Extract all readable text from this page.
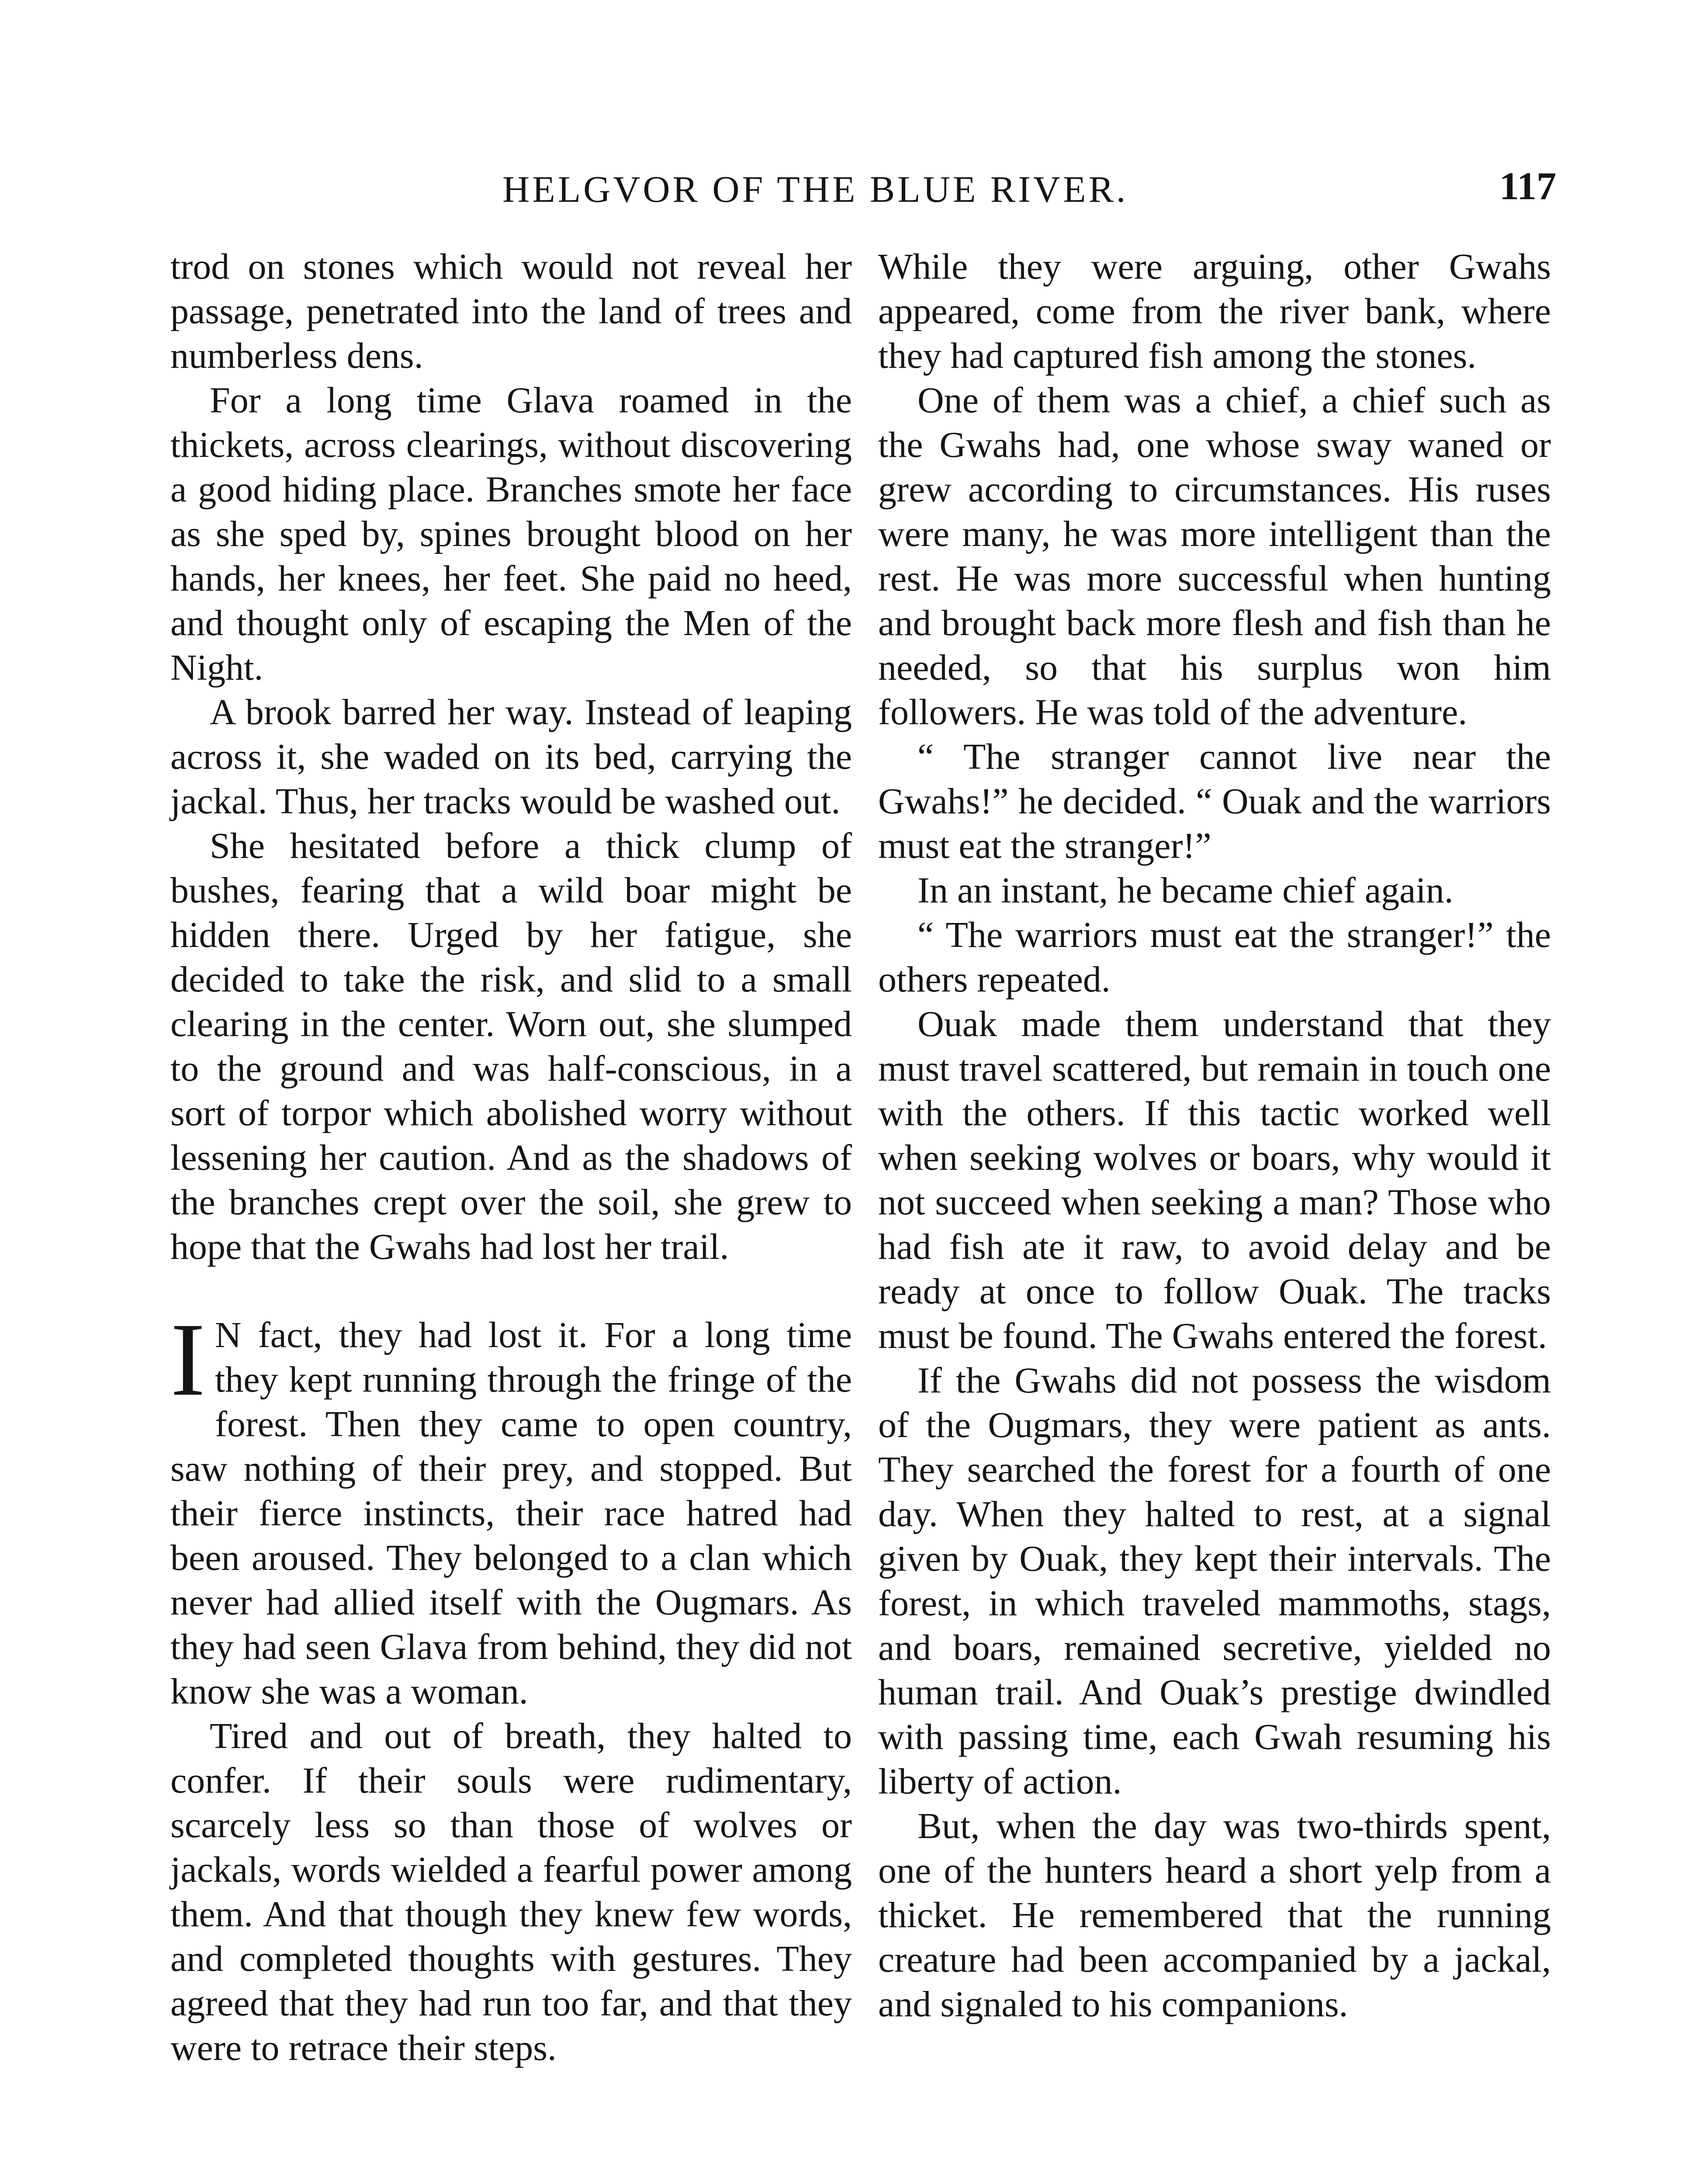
HELGVOR OF THE BLUE RIVER.	117

trod on stones which would not reveal her passage, penetrated into the land of trees and numberless dens.

For a long time Glava roamed in the thickets, across clearings, without discovering a good hiding place. Branches smote her face as she sped by, spines brought blood on her hands, her knees, her feet. She paid no heed, and thought only of escaping the Men of the Night.

A brook barred her way. Instead of leaping across it, she waded on its bed, carrying the jackal. Thus, her tracks would be washed out.

She hesitated before a thick clump of bushes, fearing that a wild boar might be hidden there. Urged by her fatigue, she decided to take the risk, and slid to a small clearing in the center. Worn out, she slumped to the ground and was half-conscious, in a sort of torpor which abolished worry without lessening her caution. And as the shadows of the branches crept over the soil, she grew to hope that the Gwahs had lost her trail.

I N fact, they had lost it. For a long time they kept running through the fringe of the forest. Then they came to open country, saw nothing of their prey, and stopped. But their fierce instincts, their race hatred had been aroused. They belonged to a clan which never had allied itself with the Ougmars. As they had seen Glava from behind, they did not know she was a woman.

Tired and out of breath, they halted to confer. If their souls were rudimentary, scarcely less so than those of wolves or jackals, words wielded a fearful power among them. And that though they knew few words, and completed thoughts with gestures. They agreed that they had run too far, and that they were to retrace their steps.

While they were arguing, other Gwahs appeared, come from the river bank, where they had captured fish among the stones.

One of them was a chief, a chief such as the Gwahs had, one whose sway waned or grew according to circumstances. His ruses were many, he was more intelligent than the rest. He was more successful when hunting and brought back more flesh and fish than he needed, so that his surplus won him followers. He was told of the adventure.

“ The stranger cannot live near the Gwahs!” he decided. “ Ouak and the warriors must eat the stranger!”

In an instant, he became chief again.

“ The warriors must eat the stranger!” the others repeated.

Ouak made them understand that they must travel scattered, but remain in touch one with the others. If this tactic worked well when seeking wolves or boars, why would it not succeed when seeking a man? Those who had fish ate it raw, to avoid delay and be ready at once to follow Ouak. The tracks must be found. The Gwahs entered the forest.

If the Gwahs did not possess the wisdom of the Ougmars, they were patient as ants. They searched the forest for a fourth of one day. When they halted to rest, at a signal given by Ouak, they kept their intervals. The forest, in which traveled mammoths, stags, and boars, remained secretive, yielded no human trail. And Ouak’s prestige dwindled with passing time, each Gwah resuming his liberty of action.

But, when the day was two-thirds spent, one of the hunters heard a short yelp from a thicket. He remembered that the running creature had been accompanied by a jackal, and signaled to his companions.
